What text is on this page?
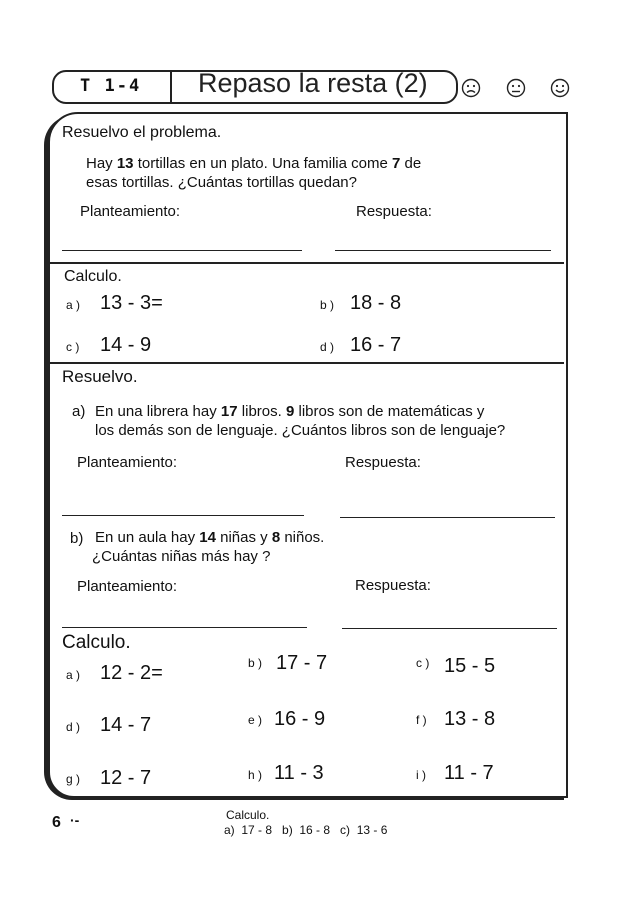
T 1-4 Repaso la resta (2)
Resuelvo el problema.
Hay 13 tortillas en un plato. Una familia come 7 de
esas tortillas. ¿Cuántas tortillas quedan?
Planteamiento:	Respuesta:
Calculo.
a ) 13 - 3=	b ) 18 - 8
c ) 14 - 9	d ) 16 - 7
Resuelvo.
a) En una librera hay 17 libros. 9 libros son de matemáticas y
los demás son de lenguaje. ¿Cuántos libros son de lenguaje?
Planteamiento:	Respuesta:
b) En un aula hay 14 niñas y 8 niños.
¿Cuántas niñas más hay ?
Planteamiento:	Respuesta:
Calculo.
a ) 12 - 2=	b ) 17 - 7	c ) 15 - 5
d ) 14 - 7	e ) 16 - 9	f ) 13 - 8
g ) 12 - 7	h ) 11 - 3	i ) 11 - 7
6 ·-	Calculo.
a)  17 - 8   b)  16 - 8   c)  13 - 6
